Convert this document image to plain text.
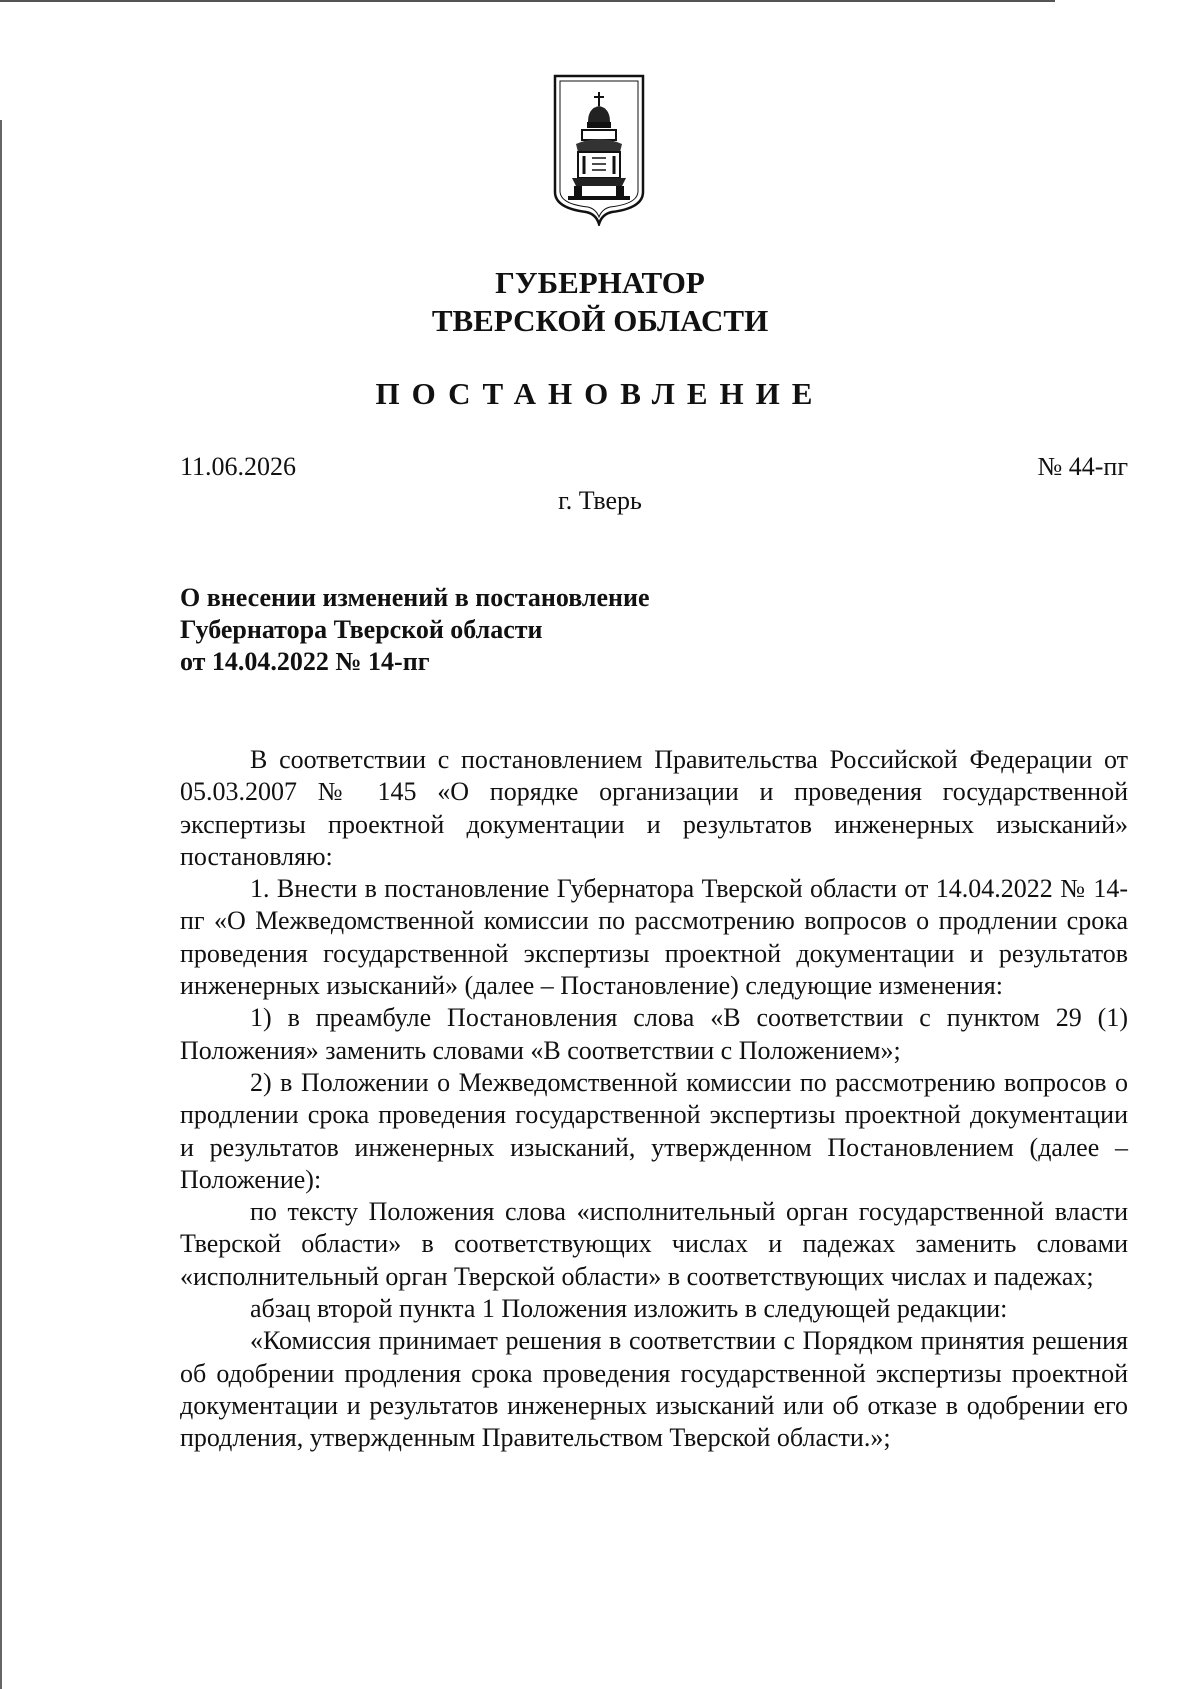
ГУБЕРНАТОР
ТВЕРСКОЙ ОБЛАСТИ
ПОСТАНОВЛЕНИЕ
11.06.2026	№ 44-пг
г. Тверь
О внесении изменений в постановление
Губернатора Тверской области
от 14.04.2022 № 14-пг

В соответствии с постановлением Правительства Российской Федерации от 05.03.2007 № 145 «О порядке организации и проведения государственной экспертизы проектной документации и результатов инженерных изысканий» постановляю:

1. Внести в постановление Губернатора Тверской области от 14.04.2022 № 14-пг «О Межведомственной комиссии по рассмотрению вопросов о продлении срока проведения государственной экспертизы проектной документации и результатов инженерных изысканий» (далее – Постановление) следующие изменения:

1) в преамбуле Постановления слова «В соответствии с пунктом 29 (1) Положения» заменить словами «В соответствии с Положением»;

2) в Положении о Межведомственной комиссии по рассмотрению вопросов о продлении срока проведения государственной экспертизы проектной документации и результатов инженерных изысканий, утвержденном Постановлением (далее – Положение):

по тексту Положения слова «исполнительный орган государственной власти Тверской области» в соответствующих числах и падежах заменить словами «исполнительный орган Тверской области» в соответствующих числах и падежах;

абзац второй пункта 1 Положения изложить в следующей редакции:

«Комиссия принимает решения в соответствии с Порядком принятия решения об одобрении продления срока проведения государственной экспертизы проектной документации и результатов инженерных изысканий или об отказе в одобрении его продления, утвержденным Правительством Тверской области.»;
